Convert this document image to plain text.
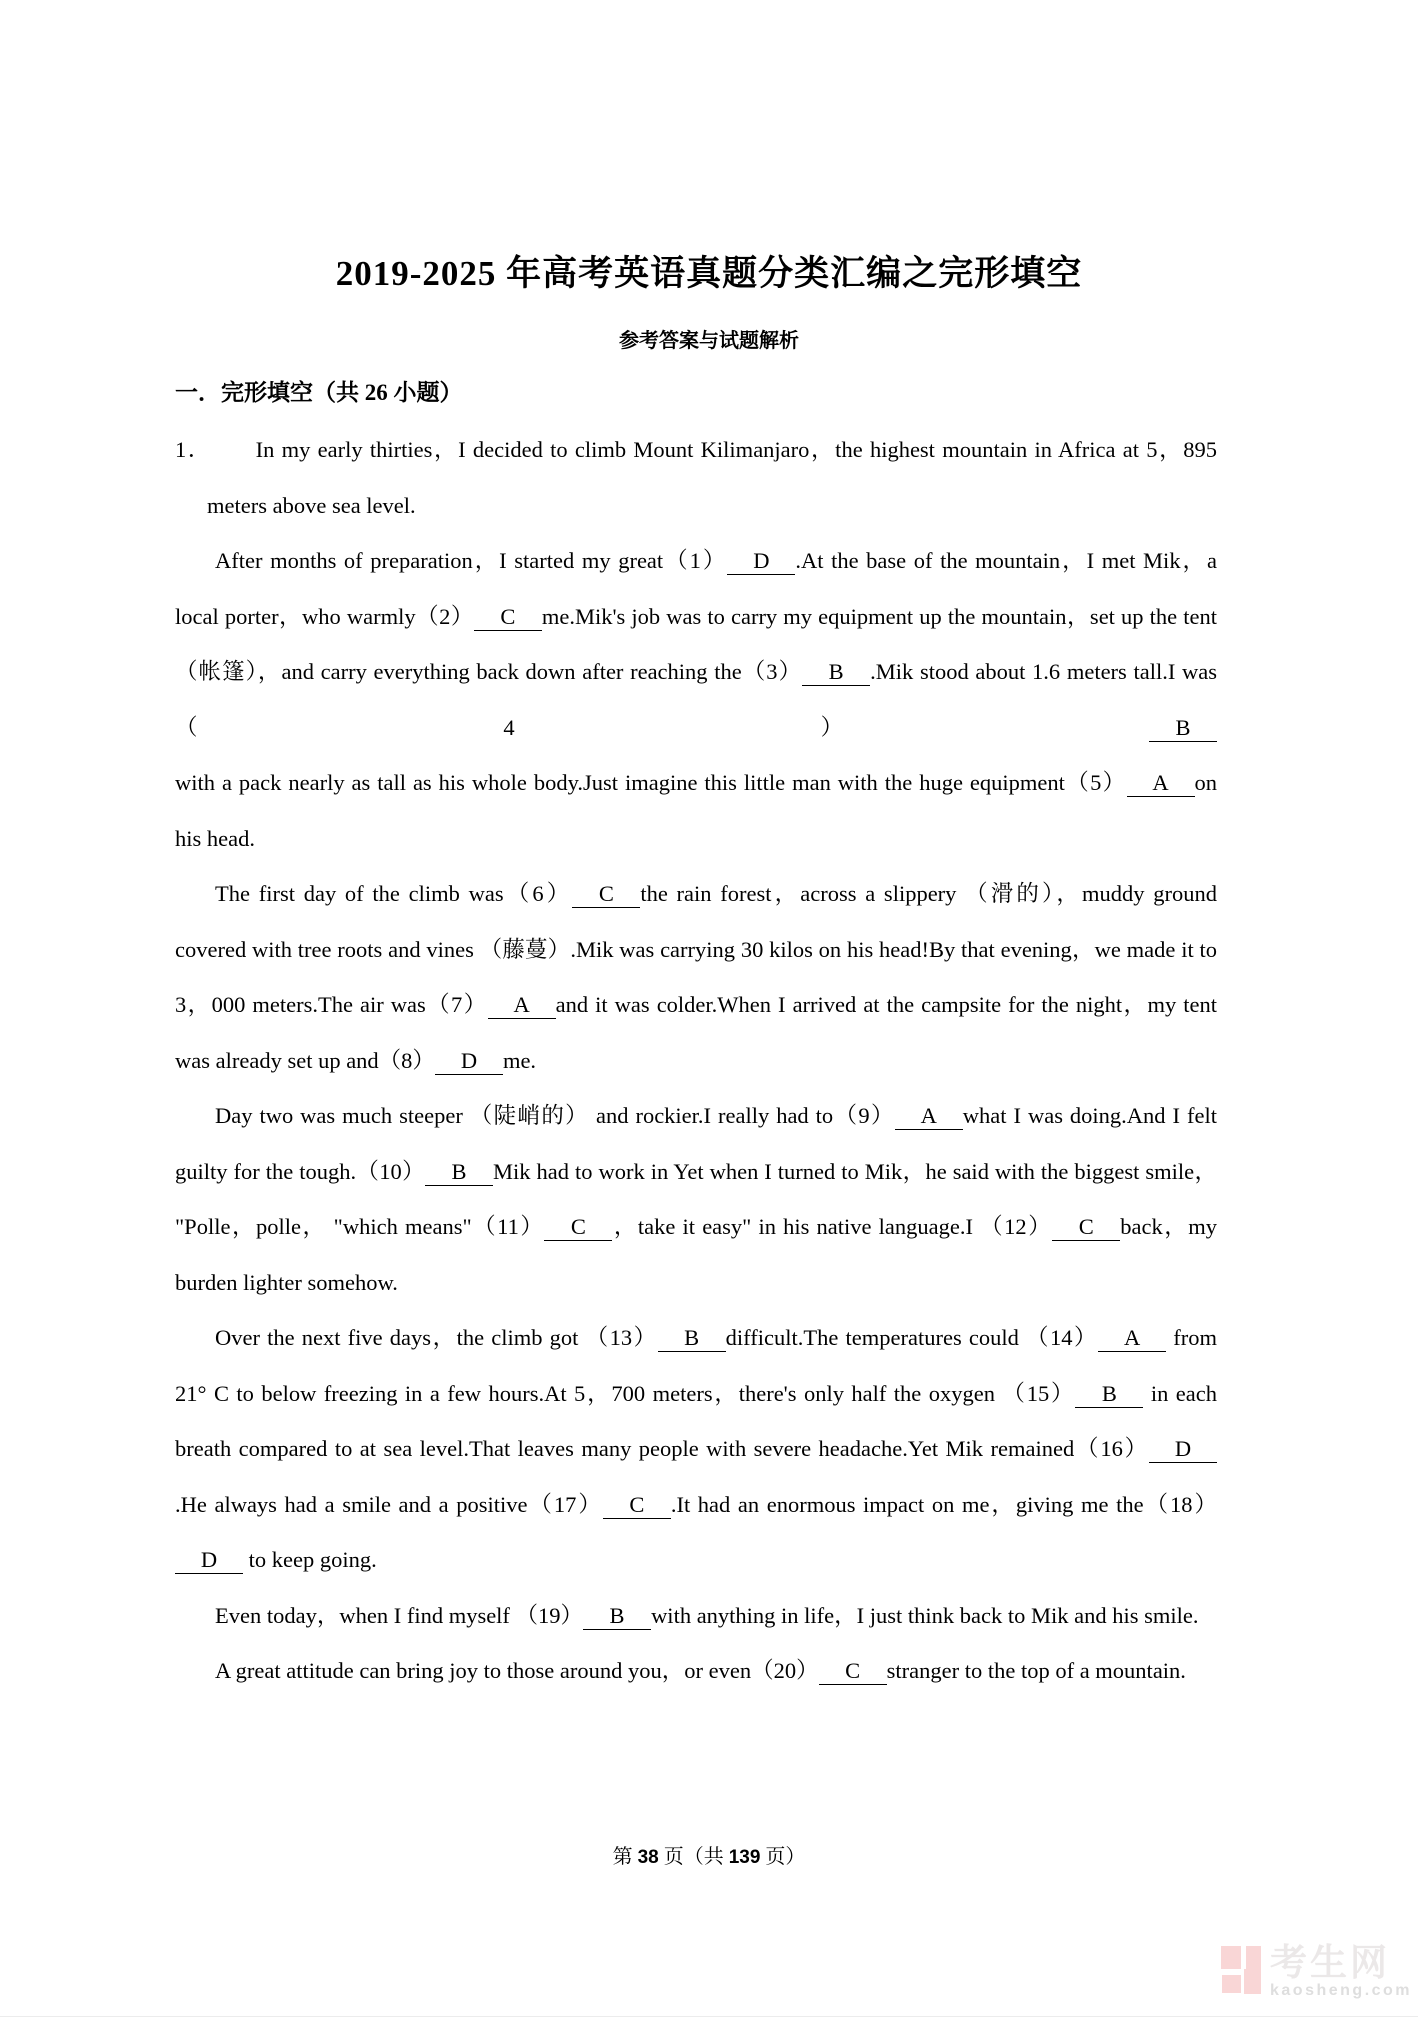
2019-2025 年高考英语真题分类汇编之完形填空
参考答案与试题解析
一．完形填空（共 26 小题）

1．      In my early thirties，I decided to climb Mount Kilimanjaro，the highest mountain in Africa at 5，895 meters above sea level.

After months of preparation，I started my great（1） D .At the base of the mountain，I met Mik，a local porter，who warmly（2） C me.Mik's job was to carry my equipment up the mountain，set up the tent （帐篷），and carry everything back down after reaching the（3） B .Mik stood about 1.6 meters tall.I was（4） Bwith a pack nearly as tall as his whole body.Just imagine this little man with the huge equipment（5） A on his head.

The first day of the climb was（6） C the rain forest，across a slippery （滑的），muddy ground covered with tree roots and vines （藤蔓）.Mik was carrying 30 kilos on his head!By that evening，we made it to 3，000 meters.The air was（7） A and it was colder.When I arrived at the campsite for the night，my tent was already set up and（8） D me.

Day two was much steeper （陡峭的） and rockier.I really had to（9） A what I was doing.And I felt guilty for the tough.（10） B Mik had to work in Yet when I turned to Mik，he said with the biggest smile， "Polle，polle， "which means"（11） C ，take it easy" in his native language.I （12） C back，my burden lighter somehow.

Over the next five days，the climb got （13） B difficult.The temperatures could （14） A from 21° C to below freezing in a few hours.At 5，700 meters，there's only half the oxygen （15） B in each breath compared to at sea level.That leaves many people with severe headache.Yet Mik remained（16） D.He always had a smile and a positive（17） C .It had an enormous impact on me，giving me the（18）D to keep going.

Even today，when I find myself （19） B with anything in life，I just think back to Mik and his smile.

A great attitude can bring joy to those around you，or even（20） C stranger to the top of a mountain.

第 38 页（共 139 页）
考生网
kaosheng.com
